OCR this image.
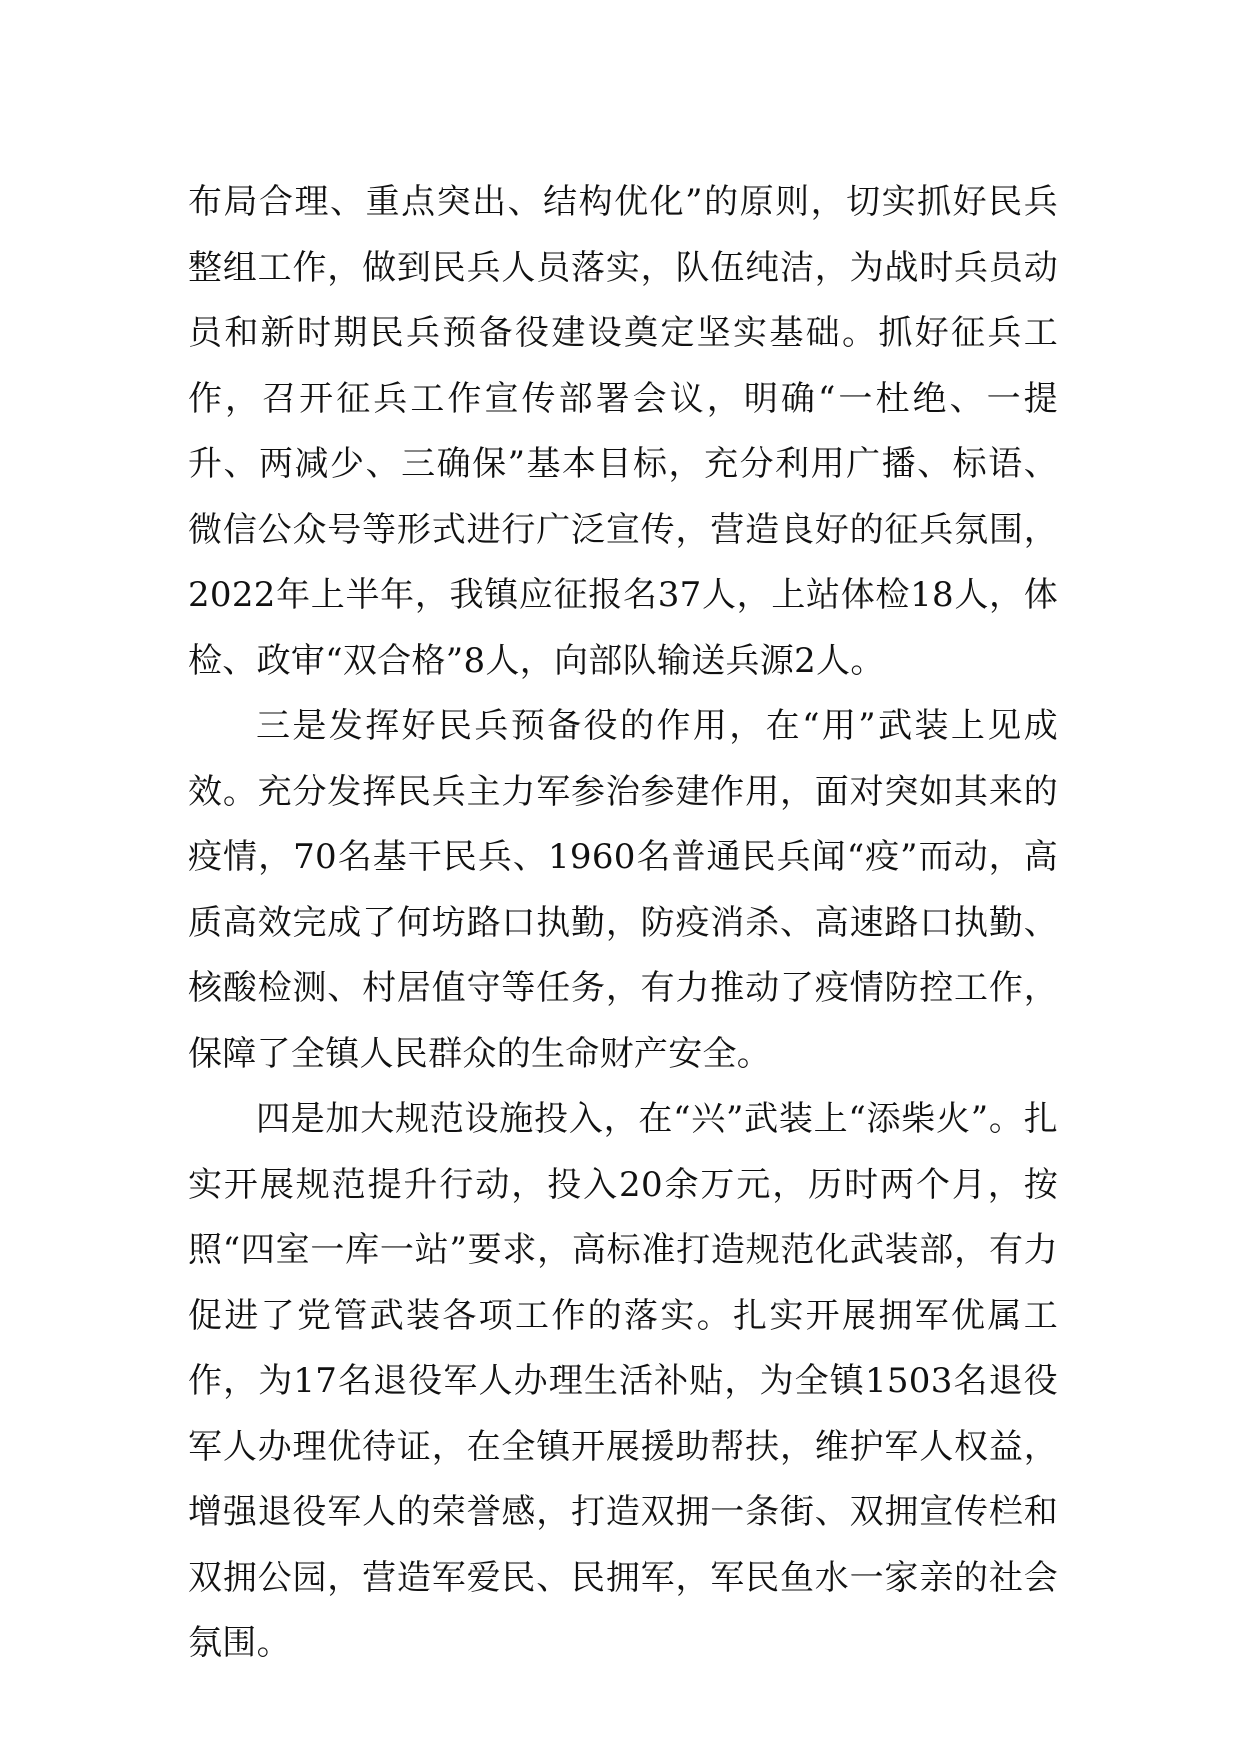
布局合理、重点突出、结构优化”的原则，切实抓好民兵整组工作，做到民兵人员落实，队伍纯洁，为战时兵员动员和新时期民兵预备役建设奠定坚实基础。抓好征兵工作，召开征兵工作宣传部署会议，明确“一杜绝、一提升、两减少、三确保”基本目标，充分利用广播、标语、微信公众号等形式进行广泛宣传，营造良好的征兵氛围，2022年上半年，我镇应征报名37人，上站体检18人，体检、政审“双合格”8人，向部队输送兵源2人。

三是发挥好民兵预备役的作用，在“用”武装上见成效。充分发挥民兵主力军参治参建作用，面对突如其来的疫情，70名基干民兵、1960名普通民兵闻“疫”而动，高质高效完成了何坊路口执勤，防疫消杀、高速路口执勤、核酸检测、村居值守等任务，有力推动了疫情防控工作，保障了全镇人民群众的生命财产安全。

四是加大规范设施投入，在“兴”武装上“添柴火”。扎实开展规范提升行动，投入20余万元，历时两个月，按照“四室一库一站”要求，高标准打造规范化武装部，有力促进了党管武装各项工作的落实。扎实开展拥军优属工作，为17名退役军人办理生活补贴，为全镇1503名退役军人办理优待证，在全镇开展援助帮扶，维护军人权益，增强退役军人的荣誉感，打造双拥一条街、双拥宣传栏和双拥公园，营造军爱民、民拥军，军民鱼水一家亲的社会氛围。
